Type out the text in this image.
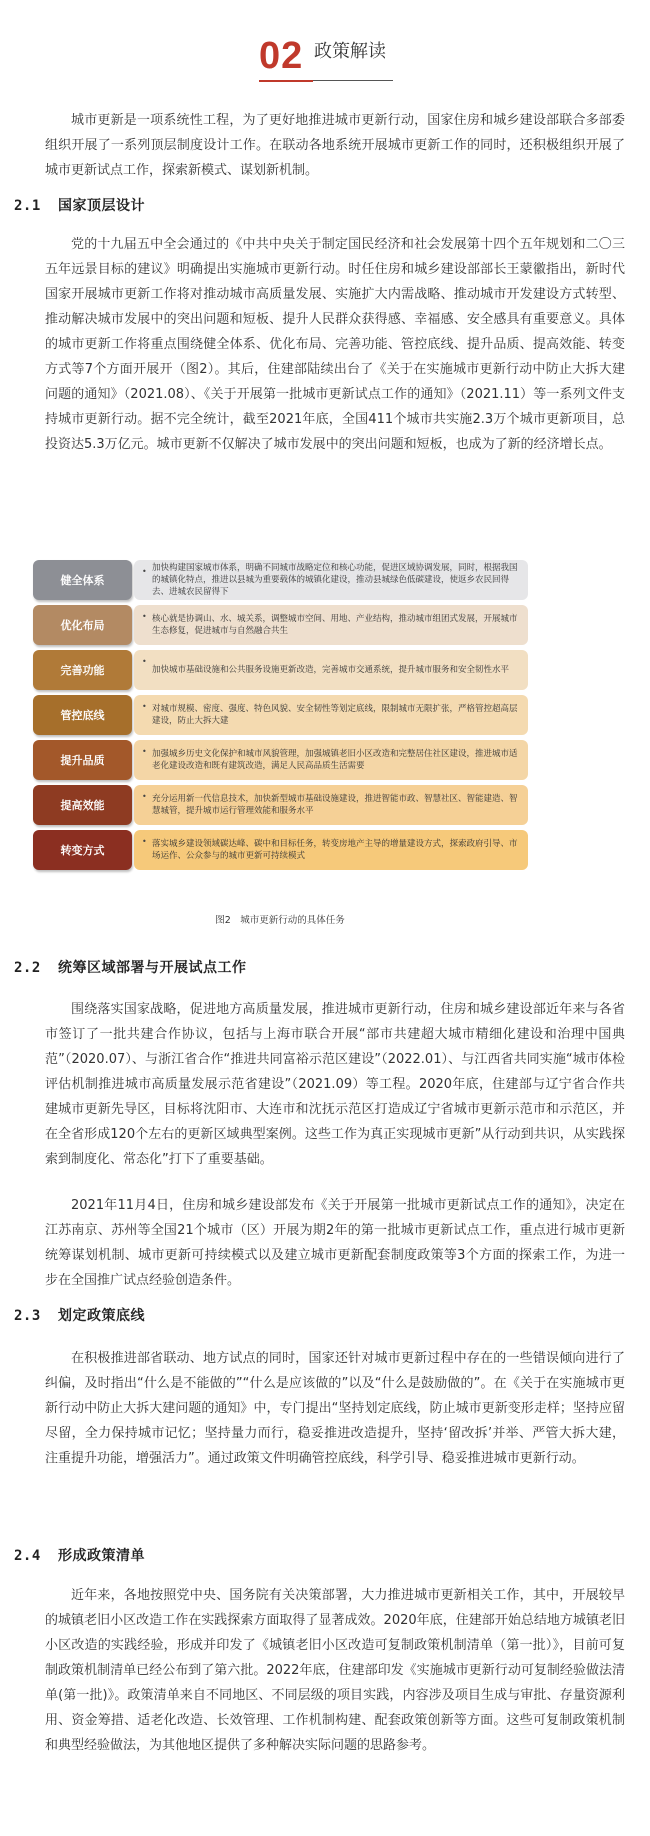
02 政策解读

城市更新是一项系统性工程，为了更好地推进城市更新行动，国家住房和城乡建设部联合多部委组织开展了一系列顶层制度设计工作。在联动各地系统开展城市更新工作的同时，还积极组织开展了城市更新试点工作，探索新模式、谋划新机制。

2.1 国家顶层设计

党的十九届五中全会通过的《中共中央关于制定国民经济和社会发展第十四个五年规划和二〇三五年远景目标的建议》明确提出实施城市更新行动。时任住房和城乡建设部部长王蒙徽指出，新时代国家开展城市更新工作将对推动城市高质量发展、实施扩大内需战略、推动城市开发建设方式转型、推动解决城市发展中的突出问题和短板、提升人民群众获得感、幸福感、安全感具有重要意义。具体的城市更新工作将重点围绕健全体系、优化布局、完善功能、管控底线、提升品质、提高效能、转变方式等7个方面开展开（图2）。其后，住建部陆续出台了《关于在实施城市更新行动中防止大拆大建问题的通知》（2021.08）、《关于开展第一批城市更新试点工作的通知》（2021.11）等一系列文件支持城市更新行动。据不完全统计，截至2021年底，全国411个城市共实施2.3万个城市更新项目，总投资达5.3万亿元。城市更新不仅解决了城市发展中的突出问题和短板，也成为了新的经济增长点。

健全体系
• 加快构建国家城市体系，明确不同城市战略定位和核心功能，促进区域协调发展，同时，根据我国的城镇化特点，推进以县城为重要载体的城镇化建设，推动县城绿色低碳建设，使返乡农民回得去、进城农民留得下
优化布局
• 核心就是协调山、水、城关系，调整城市空间、用地、产业结构，推动城市组团式发展，开展城市生态修复，促进城市与自然融合共生
完善功能
•
加快城市基础设施和公共服务设施更新改造，完善城市交通系统，提升城市服务和安全韧性水平
管控底线
• 对城市规模、密度、强度、特色风貌、安全韧性等划定底线，限制城市无限扩张，严格管控超高层建设，防止大拆大建
提升品质
• 加强城乡历史文化保护和城市风貌管理，加强城镇老旧小区改造和完整居住社区建设，推进城市适老化建设改造和既有建筑改造，满足人民高品质生活需要
提高效能
• 充分运用新一代信息技术，加快新型城市基础设施建设，推进智能市政、智慧社区、智能建造、智慧城管，提升城市运行管理效能和服务水平
转变方式
• 落实城乡建设领域碳达峰、碳中和目标任务，转变房地产主导的增量建设方式，探索政府引导、市场运作、公众参与的城市更新可持续模式
图2　城市更新行动的具体任务
2.2 统筹区域部署与开展试点工作

围绕落实国家战略，促进地方高质量发展，推进城市更新行动，住房和城乡建设部近年来与各省市签订了一批共建合作协议，包括与上海市联合开展“部市共建超大城市精细化建设和治理中国典范”（2020.07）、与浙江省合作“推进共同富裕示范区建设”（2022.01）、与江西省共同实施“城市体检评估机制推进城市高质量发展示范省建设”（2021.09）等工程。2020年底，住建部与辽宁省合作共建城市更新先导区，目标将沈阳市、大连市和沈抚示范区打造成辽宁省城市更新示范市和示范区，并在全省形成120个左右的更新区域典型案例。这些工作为真正实现城市更新”从行动到共识，从实践探索到制度化、常态化”打下了重要基础。

2021年11月4日，住房和城乡建设部发布《关于开展第一批城市更新试点工作的通知》，决定在江苏南京、苏州等全国21个城市（区）开展为期2年的第一批城市更新试点工作，重点进行城市更新统筹谋划机制、城市更新可持续模式以及建立城市更新配套制度政策等3个方面的探索工作，为进一步在全国推广试点经验创造条件。

2.3 划定政策底线

在积极推进部省联动、地方试点的同时，国家还针对城市更新过程中存在的一些错误倾向进行了纠偏，及时指出“什么是不能做的”“什么是应该做的”以及“什么是鼓励做的”。在《关于在实施城市更新行动中防止大拆大建问题的通知》中，专门提出“坚持划定底线，防止城市更新变形走样；坚持应留尽留，全力保持城市记忆；坚持量力而行，稳妥推进改造提升，坚持‘留改拆’并举、严管大拆大建，注重提升功能，增强活力”。通过政策文件明确管控底线，科学引导、稳妥推进城市更新行动。

2.4 形成政策清单

近年来，各地按照党中央、国务院有关决策部署，大力推进城市更新相关工作，其中，开展较早的城镇老旧小区改造工作在实践探索方面取得了显著成效。2020年底，住建部开始总结地方城镇老旧小区改造的实践经验，形成并印发了《城镇老旧小区改造可复制政策机制清单（第一批）》，目前可复制政策机制清单已经公布到了第六批。2022年底，住建部印发《实施城市更新行动可复制经验做法清单(第一批)》。政策清单来自不同地区、不同层级的项目实践，内容涉及项目生成与审批、存量资源利用、资金筹措、适老化改造、长效管理、工作机制构建、配套政策创新等方面。这些可复制政策机制和典型经验做法，为其他地区提供了多种解决实际问题的思路参考。
